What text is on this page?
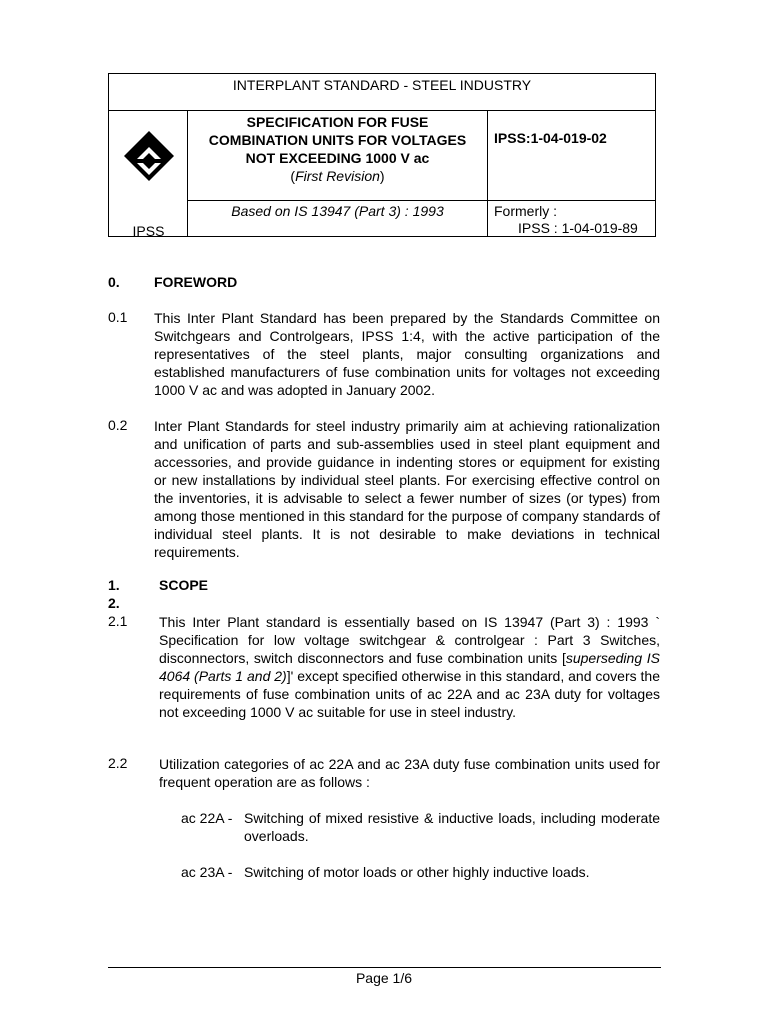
INTERPLANT STANDARD - STEEL INDUSTRY
IPSS
SPECIFICATION FOR FUSE
COMBINATION UNITS FOR VOLTAGES
NOT EXCEEDING 1000 V ac
(First Revision)
IPSS:1-04-019-02
Based on IS 13947 (Part 3) : 1993	Formerly :
IPSS : 1-04-019-89
0. FOREWORD
0.1 This Inter Plant Standard has been prepared by the Standards Committee on Switchgears and Controlgears, IPSS 1:4, with the active participation of the representatives of the steel plants, major consulting organizations and established manufacturers of fuse combination units for voltages not exceeding 1000 V ac and was adopted in January 2002.
0.2 Inter Plant Standards for steel industry primarily aim at achieving rationalization and unification of parts and sub-assemblies used in steel plant equipment and accessories, and provide guidance in indenting stores or equipment for existing or new installations by individual steel plants. For exercising effective control on the inventories, it is advisable to select a fewer number of sizes (or types) from among those mentioned in this standard for the purpose of company standards of individual steel plants. It is not desirable to make deviations in technical requirements.
1.	SCOPE
2.
2.1 This Inter Plant standard is essentially based on IS 13947 (Part 3) : 1993 ` Specification for low voltage switchgear & controlgear : Part 3 Switches, disconnectors, switch disconnectors and fuse combination units [superseding IS 4064 (Parts 1 and 2)]' except specified otherwise in this standard, and covers the requirements of fuse combination units of ac 22A and ac 23A duty for voltages not exceeding 1000 V ac suitable for use in steel industry.
2.2 Utilization categories of ac 22A and ac 23A duty fuse combination units used for frequent operation are as follows :
ac 22A - Switching of mixed resistive & inductive loads, including moderate overloads.
ac 23A - Switching of motor loads or other highly inductive loads.
Page 1/6
